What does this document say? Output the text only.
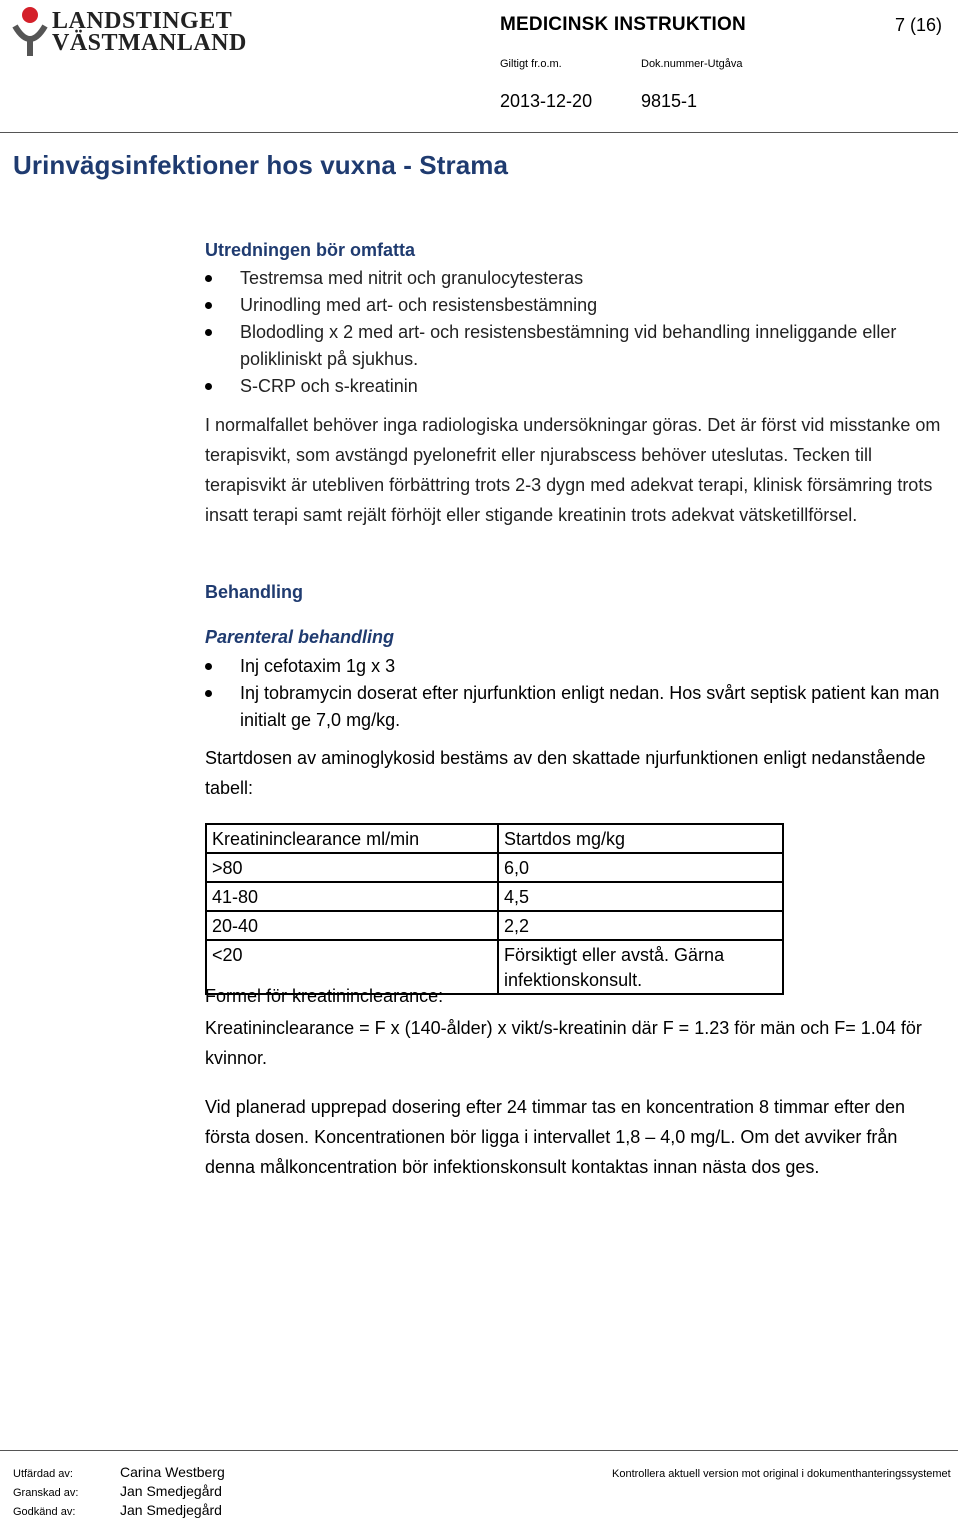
LANDSTINGET
VÄSTMANLAND
MEDICINSK INSTRUKTION	7 (16)
Giltigt fr.o.m.	Dok.nummer-Utgåva
2013-12-20	9815-1
Urinvägsinfektioner hos vuxna - Strama
Utredningen bör omfatta
Testremsa med nitrit och granulocytesteras
Urinodling med art- och resistensbestämning
Blododling x 2 med art- och resistensbestämning vid behandling inneliggande eller polikliniskt på sjukhus.
S-CRP och s-kreatinin
I normalfallet behöver inga radiologiska undersökningar göras. Det är först vid misstanke om terapisvikt, som avstängd pyelonefrit eller njurabscess behöver uteslutas. Tecken till terapisvikt är utebliven förbättring trots 2-3 dygn med adekvat terapi, klinisk försämring trots insatt terapi samt rejält förhöjt eller stigande kreatinin trots adekvat vätsketillförsel.
Behandling
Parenteral behandling
Inj cefotaxim 1g x 3
Inj tobramycin doserat efter njurfunktion enligt nedan. Hos svårt septisk patient kan man initialt ge 7,0 mg/kg.
Startdosen av aminoglykosid bestäms av den skattade njurfunktionen enligt nedanstående tabell:
Kreatininclearance ml/min	Startdos mg/kg
>80	6,0
41-80	4,5
20-40	2,2
<20	Försiktigt eller avstå. Gärna infektionskonsult.
Formel för kreatininclearance:
Kreatininclearance = F x (140-ålder) x vikt/s-kreatinin där F = 1.23 för män och F= 1.04 för kvinnor.
Vid planerad upprepad dosering efter 24 timmar tas en koncentration 8 timmar efter den första dosen. Koncentrationen bör ligga i intervallet 1,8 – 4,0 mg/L. Om det avviker från denna målkoncentration bör infektionskonsult kontaktas innan nästa dos ges.
Utfärdad av:	Carina Westberg
Granskad av:	Jan Smedjegård
Godkänd av:	Jan Smedjegård
Kontrollera aktuell version mot original i dokumenthanteringssystemet
